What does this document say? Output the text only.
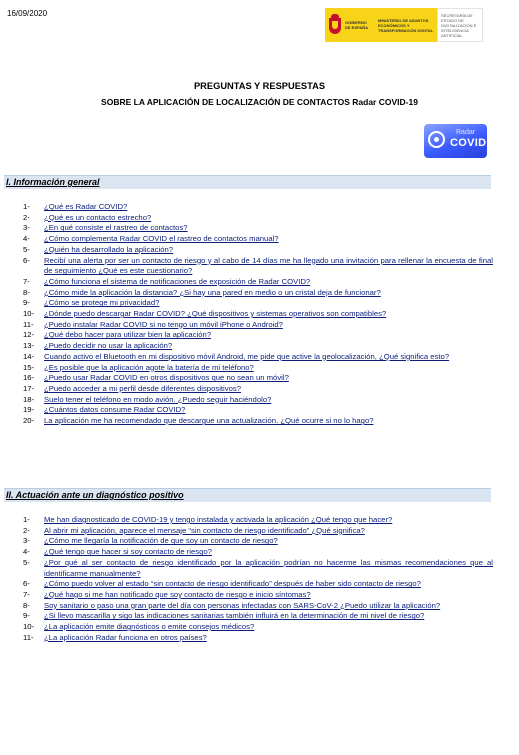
16/09/2020
GOBIERNO DE ESPAÑA
MINISTERIO DE ASUNTOS ECONÓMICOS Y TRANSFORMACIÓN DIGITAL
SECRETARÍA DE ESTADO DE DIGITALIZACIÓN E INTELIGENCIA ARTIFICIAL
PREGUNTAS Y RESPUESTAS
SOBRE LA APLICACIÓN DE LOCALIZACIÓN DE CONTACTOS Radar COVID-19
Radar
COVID
I. Información general
1-	¿Qué es Radar COVID?
2-	¿Qué es un contacto estrecho?
3-	¿En qué consiste el rastreo de contactos?
4-	¿Cómo complementa Radar COVID el rastreo de contactos manual?
5-	¿Quién ha desarrollado la aplicación?
6-	Recibí una alerta por ser un contacto de riesgo y al cabo de 14 días me ha llegado una invitación para rellenar la encuesta de final de seguimiento ¿Qué es este cuestionario?
7-	¿Cómo funciona el sistema de notificaciones de exposición de Radar COVID?
8-	¿Cómo mide la aplicación la distancia? ¿Si hay una pared en medio o un cristal deja de funcionar?
9-	¿Cómo se protege mi privacidad?
10-	¿Dónde puedo descargar Radar COVID? ¿Qué dispositivos y sistemas operativos son compatibles?
11-	¿Puedo instalar Radar COVID si no tengo un móvil iPhone o Android?
12-	¿Qué debo hacer para utilizar bien la aplicación?
13-	¿Puedo decidir no usar la aplicación?
14-	Cuando activo el Bluetooth en mi dispositivo móvil Android, me pide que active la geolocalización, ¿Qué significa esto?
15-	¿Es posible que la aplicación agote la batería de mi teléfono?
16-	¿Puedo usar Radar COVID en otros dispositivos que no sean un móvil?
17-	¿Puedo acceder a mi perfil desde diferentes dispositivos?
18-	Suelo tener el teléfono en modo avión. ¿Puedo seguir haciéndolo?
19-	¿Cuántos datos consume Radar COVID?
20-	La aplicación me ha recomendado que descargue una actualización. ¿Qué ocurre si no lo hago?
II. Actuación ante un diagnóstico positivo
1-	Me han diagnosticado de COVID-19 y tengo instalada y activada la aplicación ¿Qué tengo que hacer?
2-	Al abrir mi aplicación, aparece el mensaje “sin contacto de riesgo identificado” ¿Qué significa?
3-	¿Cómo me llegaría la notificación de que soy un contacto de riesgo?
4-	¿Qué tengo que hacer si soy contacto de riesgo?
5-	¿Por qué al ser contacto de riesgo identificado por la aplicación podrían no hacerme las mismas recomendaciones que al identificarme manualmente?
6-	¿Cómo puedo volver al estado “sin contacto de riesgo identificado” después de haber sido contacto de riesgo?
7-	¿Qué hago si me han notificado que soy contacto de riesgo e inicio síntomas?
8-	Soy sanitario o paso una gran parte del día con personas infectadas con SARS-CoV-2 ¿Puedo utilizar la aplicación?
9-	¿Si llevo mascarilla y sigo las indicaciones sanitarias también influirá en la determinación de mi nivel de riesgo?
10-	¿La aplicación emite diagnósticos o emite consejos médicos?
11-	¿La aplicación Radar funciona en otros países?
